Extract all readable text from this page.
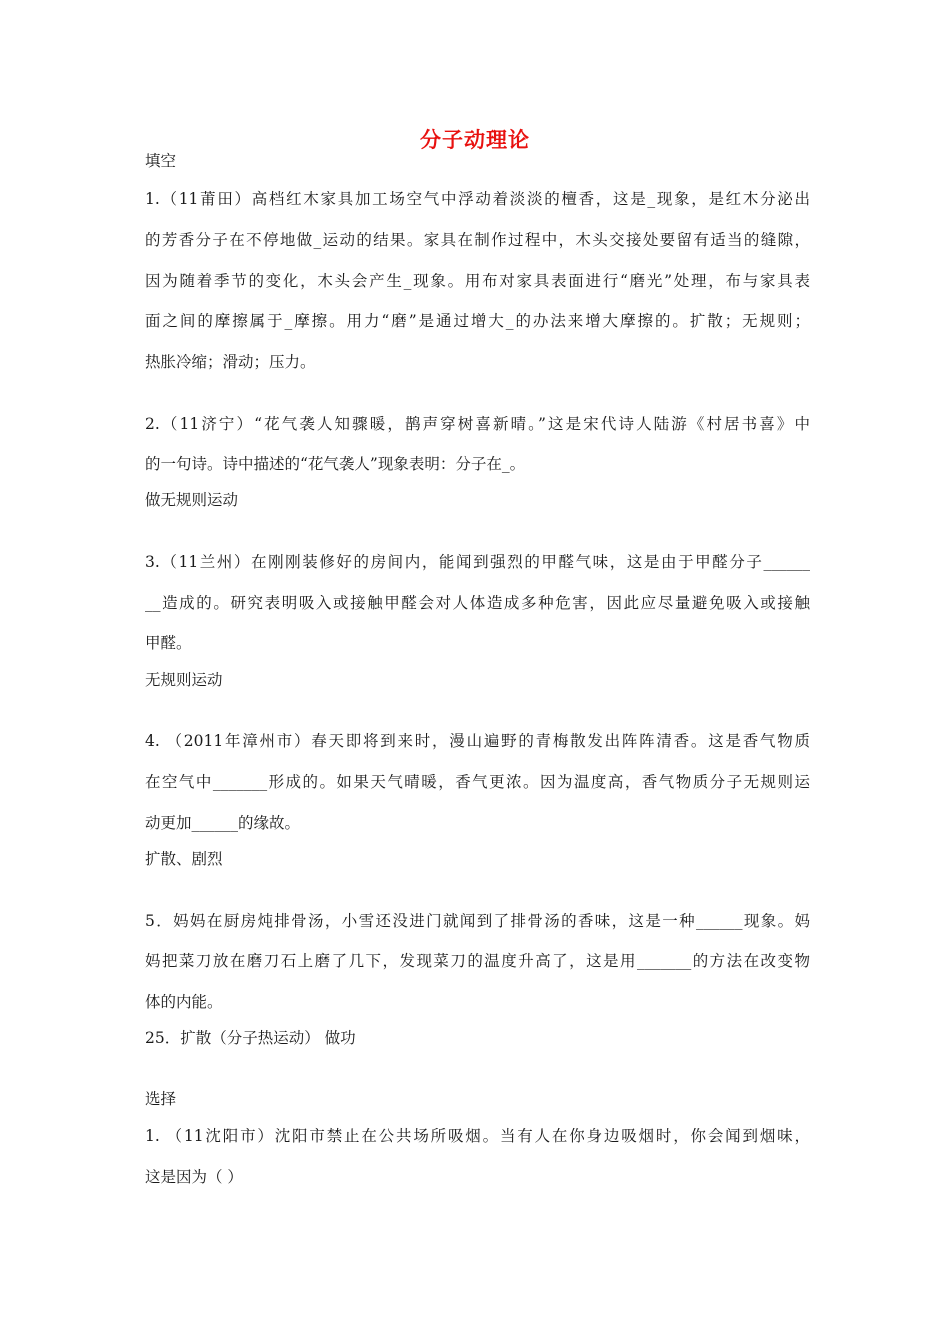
分子动理论
填空
1.（11莆田）高档红木家具加工场空气中浮动着淡淡的檀香，这是_现象，是红木分泌出
的芳香分子在不停地做_运动的结果。家具在制作过程中，木头交接处要留有适当的缝隙，
因为随着季节的变化，木头会产生_现象。用布对家具表面进行“磨光”处理，布与家具表
面之间的摩擦属于_摩擦。用力“磨”是通过增大_的办法来增大摩擦的。扩散；无规则；
热胀冷缩；滑动；压力。
2.（11济宁）“花气袭人知骤暖，鹊声穿树喜新晴。”这是宋代诗人陆游《村居书喜》中
的一句诗。诗中描述的“花气袭人”现象表明：分子在_。
做无规则运动
3.（11兰州）在刚刚装修好的房间内，能闻到强烈的甲醛气味，这是由于甲醛分子______
__造成的。研究表明吸入或接触甲醛会对人体造成多种危害，因此应尽量避免吸入或接触
甲醛。
无规则运动
4. （2011年漳州市）春天即将到来时，漫山遍野的青梅散发出阵阵清香。这是香气物质
在空气中_______形成的。如果天气晴暖，香气更浓。因为温度高，香气物质分子无规则运
动更加______的缘故。
扩散、剧烈
5．妈妈在厨房炖排骨汤，小雪还没进门就闻到了排骨汤的香味，这是一种______现象。妈
妈把菜刀放在磨刀石上磨了几下，发现菜刀的温度升高了，这是用_______的方法在改变物
体的内能。
25．扩散（分子热运动） 做功
选择
1. （11沈阳市）沈阳市禁止在公共场所吸烟。当有人在你身边吸烟时，你会闻到烟味，
这是因为（ ）
